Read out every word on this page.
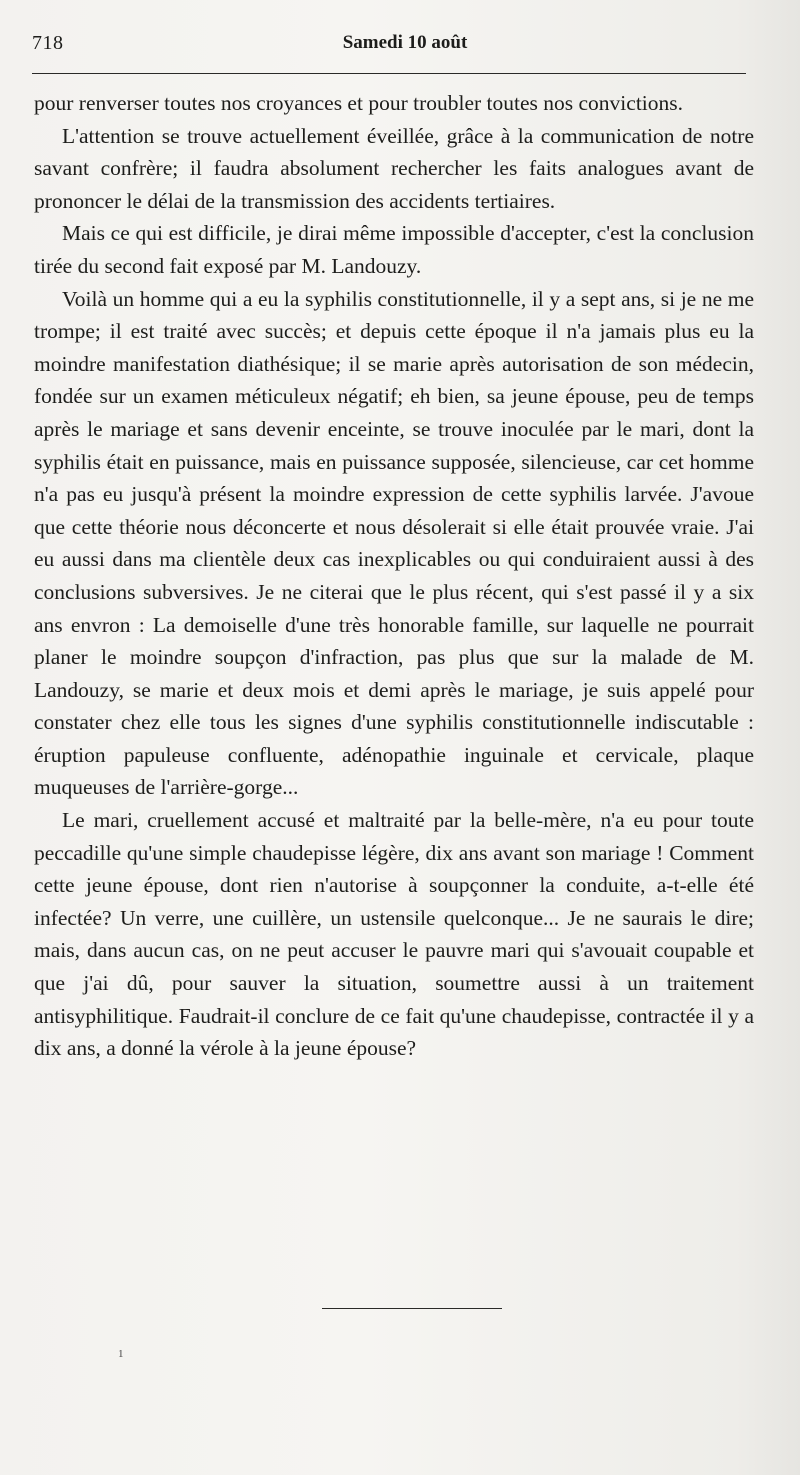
718	Samedi 10 août

pour renverser toutes nos croyances et pour troubler toutes nos convictions.

L'attention se trouve actuellement éveillée, grâce à la communication de notre savant confrère; il faudra absolument rechercher les faits analogues avant de prononcer le délai de la transmission des accidents tertiaires.

Mais ce qui est difficile, je dirai même impossible d'accepter, c'est la conclusion tirée du second fait exposé par M. Landouzy.

Voilà un homme qui a eu la syphilis constitutionnelle, il y a sept ans, si je ne me trompe; il est traité avec succès; et depuis cette époque il n'a jamais plus eu la moindre manifestation diathésique; il se marie après autorisation de son médecin, fondée sur un examen méticuleux négatif; eh bien, sa jeune épouse, peu de temps après le mariage et sans devenir enceinte, se trouve inoculée par le mari, dont la syphilis était en puissance, mais en puissance supposée, silencieuse, car cet homme n'a pas eu jusqu'à présent la moindre expression de cette syphilis larvée. J'avoue que cette théorie nous déconcerte et nous désolerait si elle était prouvée vraie. J'ai eu aussi dans ma clientèle deux cas inexplicables ou qui conduiraient aussi à des conclusions subversives. Je ne citerai que le plus récent, qui s'est passé il y a six ans envron : La demoiselle d'une très honorable famille, sur laquelle ne pourrait planer le moindre soupçon d'infraction, pas plus que sur la malade de M. Landouzy, se marie et deux mois et demi après le mariage, je suis appelé pour constater chez elle tous les signes d'une syphilis constitutionnelle indiscutable : éruption papuleuse confluente, adénopathie inguinale et cervicale, plaque muqueuses de l'arrière-gorge...

Le mari, cruellement accusé et maltraité par la belle-mère, n'a eu pour toute peccadille qu'une simple chaudepisse légère, dix ans avant son mariage ! Comment cette jeune épouse, dont rien n'autorise à soupçonner la conduite, a-t-elle été infectée? Un verre, une cuillère, un ustensile quelconque... Je ne saurais le dire; mais, dans aucun cas, on ne peut accuser le pauvre mari qui s'avouait coupable et que j'ai dû, pour sauver la situation, soumettre aussi à un traitement antisyphilitique. Faudrait-il conclure de ce fait qu'une chaudepisse, contractée il y a dix ans, a donné la vérole à la jeune épouse?

1
